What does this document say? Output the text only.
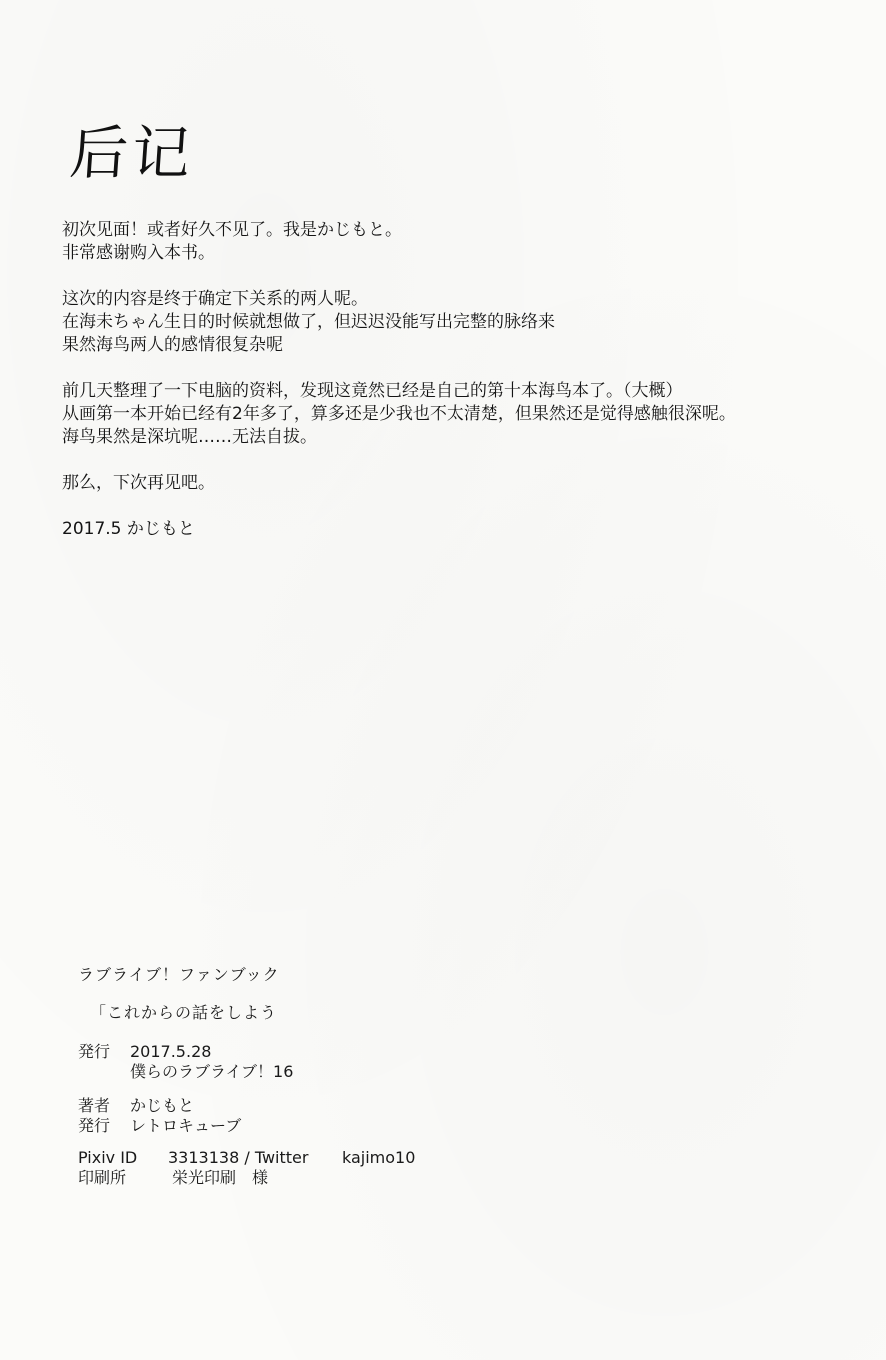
后记
初次见面！或者好久不见了。我是かじもと。
非常感谢购入本书。
这次的内容是终于确定下关系的两人呢。
在海未ちゃん生日的时候就想做了，但迟迟没能写出完整的脉络来
果然海鸟两人的感情很复杂呢
前几天整理了一下电脑的资料，发现这竟然已经是自己的第十本海鸟本了。（大概）
从画第一本开始已经有2年多了，算多还是少我也不太清楚，但果然还是觉得感触很深呢。
海鸟果然是深坑呢……无法自拔。
那么，下次再见吧。
2017.5 かじもと
ラブライブ！ファンブック
「これからの話をしよう
発行 2017.5.28
僕らのラブライブ！16
著者 かじもと
発行 レトロキューブ
Pixiv ID 3313138 / Twitter kajimo10
印刷所	栄光印刷　様
